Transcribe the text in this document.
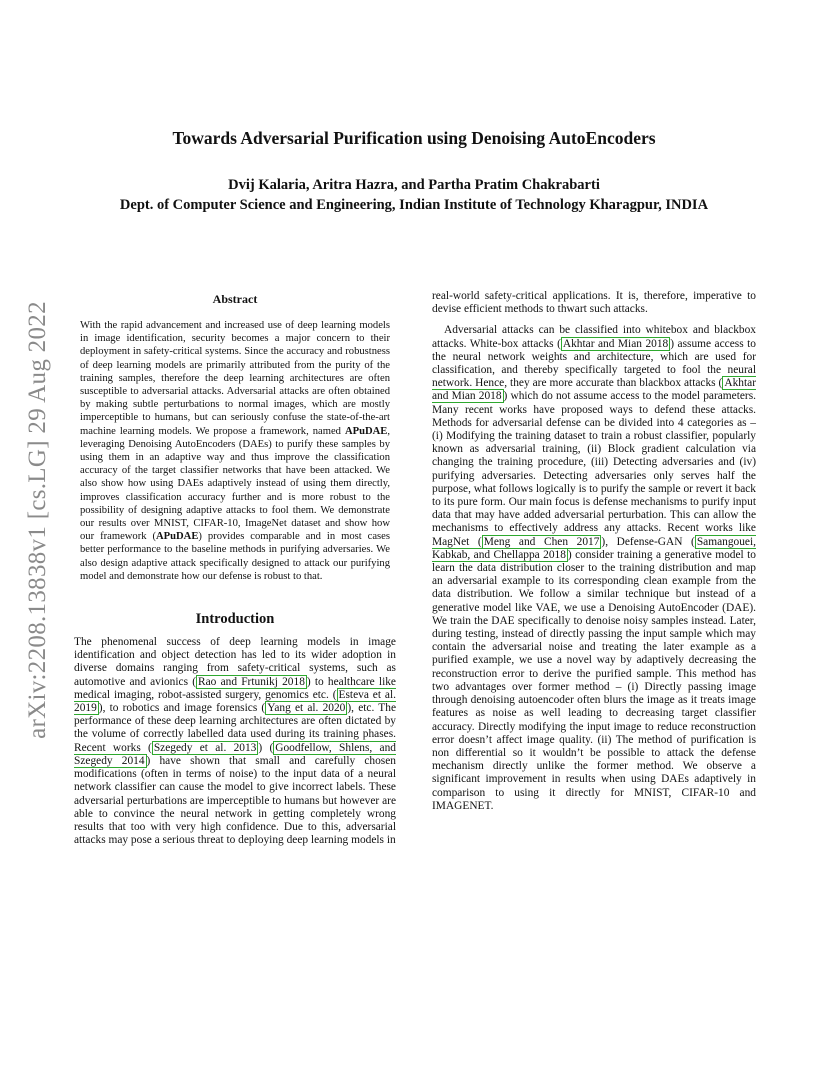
Towards Adversarial Purification using Denoising AutoEncoders
Dvij Kalaria, Aritra Hazra, and Partha Pratim Chakrabarti
Dept. of Computer Science and Engineering, Indian Institute of Technology Kharagpur, INDIA
arXiv:2208.13838v1 [cs.LG] 29 Aug 2022
Abstract

With the rapid advancement and increased use of deep learning models in image identification, security becomes a major concern to their deployment in safety-critical systems. Since the accuracy and robustness of deep learning models are primarily attributed from the purity of the training samples, therefore the deep learning architectures are often susceptible to adversarial attacks. Adversarial attacks are often obtained by making subtle perturbations to normal images, which are mostly imperceptible to humans, but can seriously confuse the state-of-the-art machine learning models. We propose a framework, named APuDAE, leveraging Denoising AutoEncoders (DAEs) to purify these samples by using them in an adaptive way and thus improve the classification accuracy of the target classifier networks that have been attacked. We also show how using DAEs adaptively instead of using them directly, improves classification accuracy further and is more robust to the possibility of designing adaptive attacks to fool them. We demonstrate our results over MNIST, CIFAR-10, ImageNet dataset and show how our framework (APuDAE) provides comparable and in most cases better performance to the baseline methods in purifying adversaries. We also design adaptive attack specifically designed to attack our purifying model and demonstrate how our defense is robust to that.

Introduction

The phenomenal success of deep learning models in image identification and object detection has led to its wider adoption in diverse domains ranging from safety-critical systems, such as automotive and avionics ( Rao and Frtunikj 2018 ) to healthcare like medical imaging, robot-assisted surgery, genomics etc. ( Esteva et al. 2019 ), to robotics and image forensics ( Yang et al. 2020 ), etc. The performance of these deep learning architectures are often dictated by the volume of correctly labelled data used during its training phases. Recent works ( Szegedy et al. 2013 ) ( Goodfellow, Shlens, and Szegedy 2014 ) have shown that small and carefully chosen modifications (often in terms of noise) to the input data of a neural network classifier can cause the model to give incorrect labels. These adversarial perturbations are imperceptible to humans but however are able to convince the neural network in getting completely wrong results that too with very high confidence. Due to this, adversarial attacks may pose a serious threat to deploying deep learning models in

real-world safety-critical applications. It is, therefore, imperative to devise efficient methods to thwart such attacks.

Adversarial attacks can be classified into whitebox and blackbox attacks. White-box attacks ( Akhtar and Mian 2018 ) assume access to the neural network weights and architecture, which are used for classification, and thereby specifically targeted to fool the neural network. Hence, they are more accurate than blackbox attacks ( Akhtar and Mian 2018 ) which do not assume access to the model parameters. Many recent works have proposed ways to defend these attacks. Methods for adversarial defense can be divided into 4 categories as – (i) Modifying the training dataset to train a robust classifier, popularly known as adversarial training, (ii) Block gradient calculation via changing the training procedure, (iii) Detecting adversaries and (iv) purifying adversaries. Detecting adversaries only serves half the purpose, what follows logically is to purify the sample or revert it back to its pure form. Our main focus is defense mechanisms to purify input data that may have added adversarial perturbation. This can allow the mechanisms to effectively address any attacks. Recent works like MagNet ( Meng and Chen 2017 ), Defense-GAN ( Samangouei, Kabkab, and Chellappa 2018 ) consider training a generative model to learn the data distribution closer to the training distribution and map an adversarial example to its corresponding clean example from the data distribution. We follow a similar technique but instead of a generative model like VAE, we use a Denoising AutoEncoder (DAE). We train the DAE specifically to denoise noisy samples instead. Later, during testing, instead of directly passing the input sample which may contain the adversarial noise and treating the later example as a purified example, we use a novel way by adaptively decreasing the reconstruction error to derive the purified sample. This method has two advantages over former method – (i) Directly passing image through denoising autoencoder often blurs the image as it treats image features as noise as well leading to decreasing target classifier accuracy. Directly modifying the input image to reduce reconstruction error doesn’t affect image quality. (ii) The method of purification is non differential so it wouldn’t be possible to attack the defense mechanism directly unlike the former method. We observe a significant improvement in results when using DAEs adaptively in comparison to using it directly for MNIST, CIFAR-10 and IMAGENET.
